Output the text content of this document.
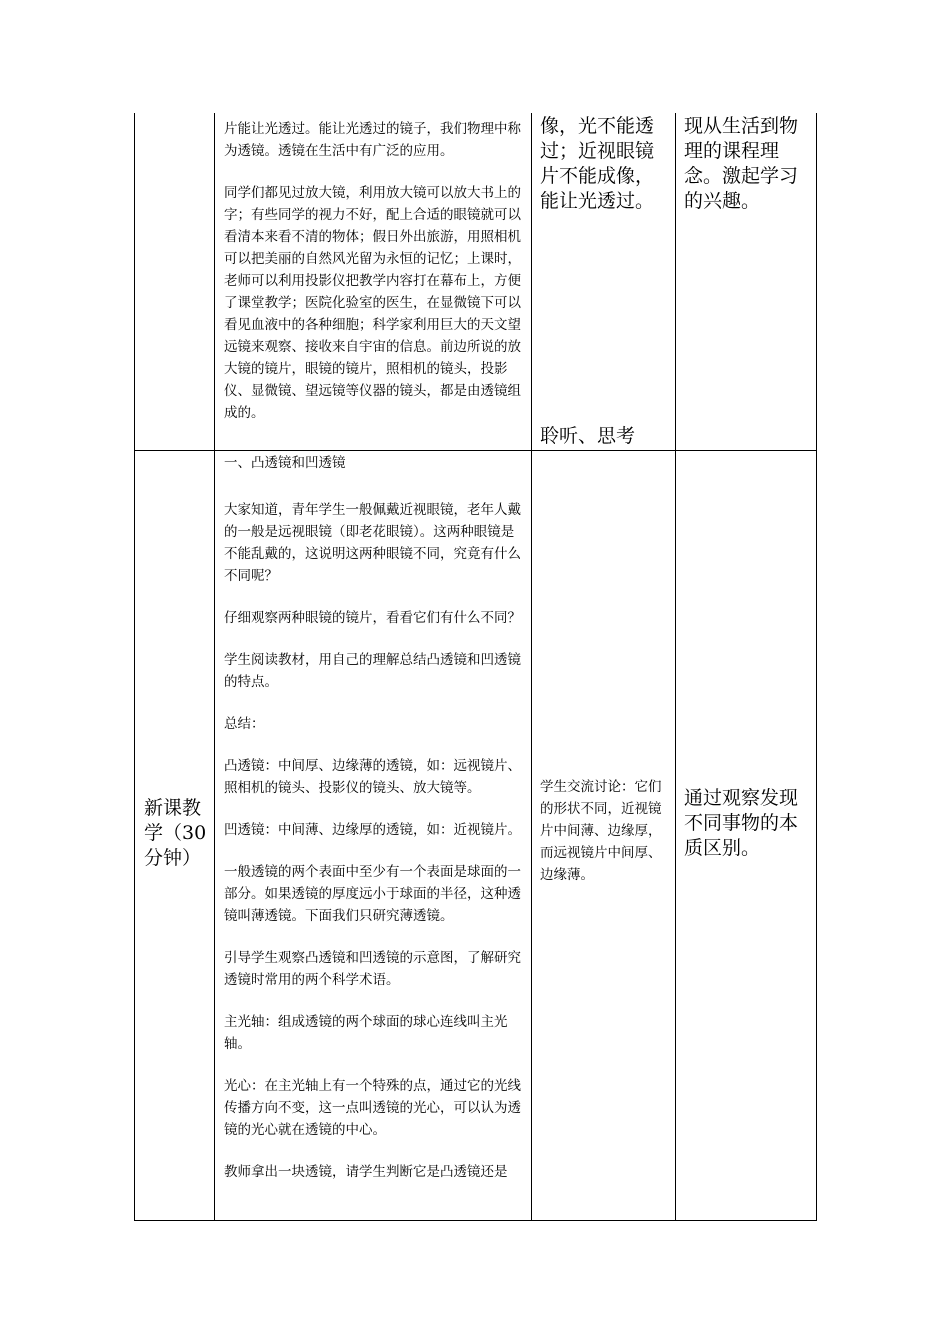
片能让光透过。能让光透过的镜子，我们物理中称为透镜。透镜在生活中有广泛的应用。

同学们都见过放大镜，利用放大镜可以放大书上的字；有些同学的视力不好，配上合适的眼镜就可以看清本来看不清的物体；假日外出旅游，用照相机可以把美丽的自然风光留为永恒的记忆；上课时，老师可以利用投影仪把教学内容打在幕布上，方便了课堂教学；医院化验室的医生，在显微镜下可以看见血液中的各种细胞；科学家利用巨大的天文望远镜来观察、接收来自宇宙的信息。前边所说的放大镜的镜片，眼镜的镜片，照相机的镜头，投影仪、显微镜、望远镜等仪器的镜头，都是由透镜组成的。

像，光不能透过；近视眼镜片不能成像，能让光透过。
聆听、思考
现从生活到物理的课程理念。激起学习的兴趣。
新课教学（30分钟）

一、凸透镜和凹透镜

大家知道，青年学生一般佩戴近视眼镜，老年人戴的一般是远视眼镜（即老花眼镜）。这两种眼镜是不能乱戴的，这说明这两种眼镜不同，究竟有什么不同呢？

仔细观察两种眼镜的镜片，看看它们有什么不同？

学生阅读教材，用自己的理解总结凸透镜和凹透镜的特点。

总结：

凸透镜：中间厚、边缘薄的透镜，如：远视镜片、照相机的镜头、投影仪的镜头、放大镜等。

凹透镜：中间薄、边缘厚的透镜，如：近视镜片。

一般透镜的两个表面中至少有一个表面是球面的一部分。如果透镜的厚度远小于球面的半径，这种透镜叫薄透镜。下面我们只研究薄透镜。

引导学生观察凸透镜和凹透镜的示意图，了解研究透镜时常用的两个科学术语。

主光轴：组成透镜的两个球面的球心连线叫主光轴。

光心：在主光轴上有一个特殊的点，通过它的光线传播方向不变，这一点叫透镜的光心，可以认为透镜的光心就在透镜的中心。

教师拿出一块透镜，请学生判断它是凸透镜还是

学生交流讨论：它们的形状不同，近视镜片中间薄、边缘厚，而远视镜片中间厚、边缘薄。

通过观察发现不同事物的本质区别。
